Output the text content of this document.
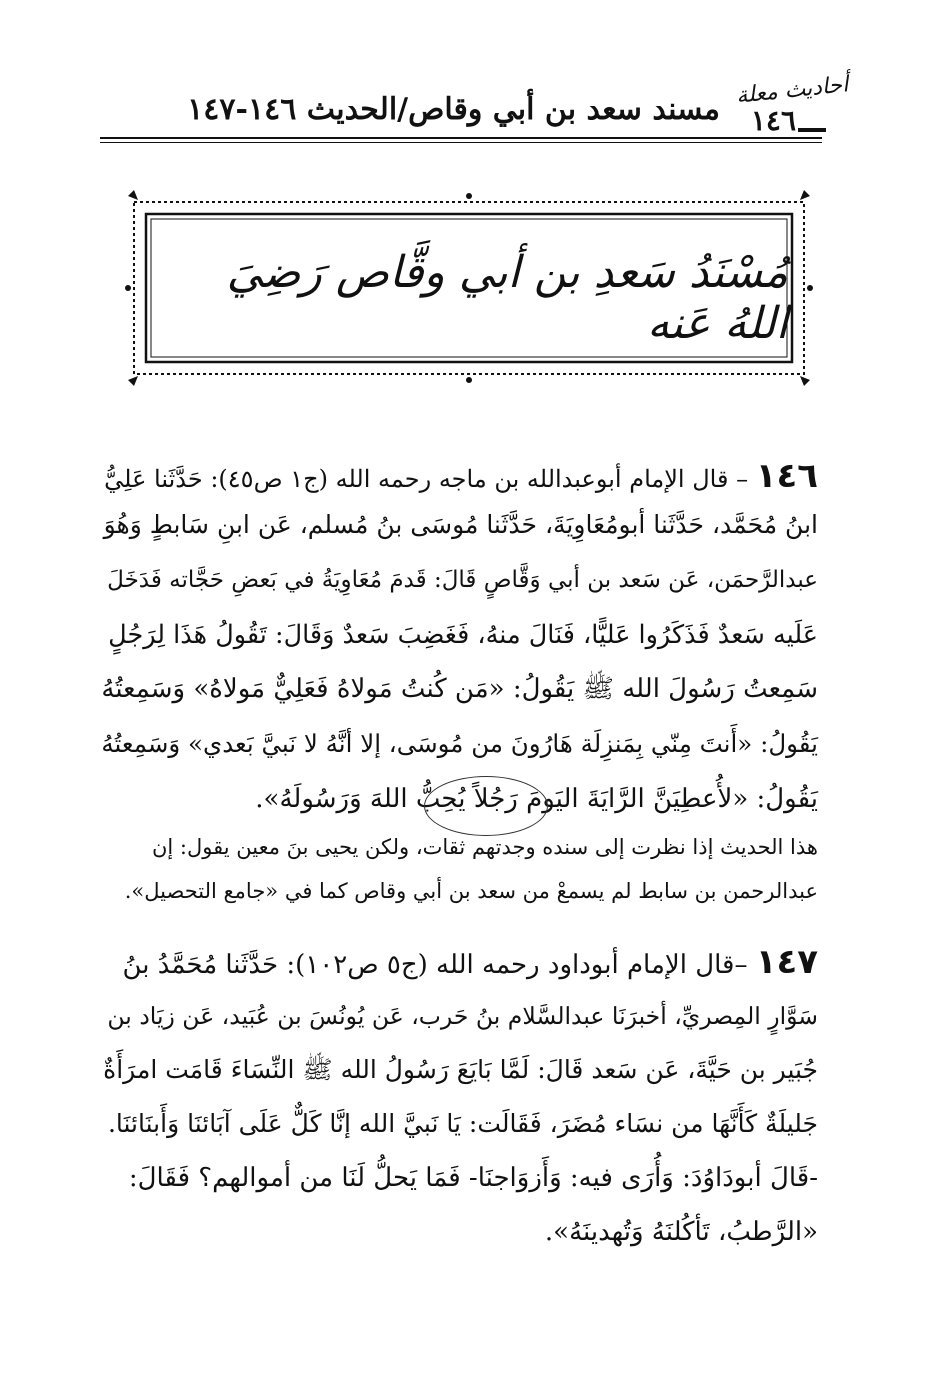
أحاديث معلة
مسند سعد بن أبي وقاص/الحديث ١٤٦-١٤٧ ١٤٦
مُسْنَدُ سَعدِ بن أبي وقَّاص رَضِيَ اللهُ عَنه
١٤٦ – قال الإمام أبوعبدالله بن ماجه رحمه الله (ج١ ص٤٥): حَدَّثَنا عَلِيُّ
ابنُ مُحَمَّد، حَدَّثَنا أبومُعَاوِيَةَ، حَدَّثَنا مُوسَى بنُ مُسلم، عَن ابنِ سَابطٍ وَهُوَ
عبدالرَّحمَن، عَن سَعد بن أبي وَقَّاصٍ قَالَ: قَدمَ مُعَاوِيَةُ في بَعضِ حَجَّاته فَدَخَلَ
عَلَيه سَعدٌ فَذَكَرُوا عَليًّا، فَنَالَ منهُ، فَغَضِبَ سَعدٌ وَقَالَ: تَقُولُ هَذَا لِرَجُلٍ
سَمِعتُ رَسُولَ الله ﷺ يَقُولُ: «مَن كُنتُ مَولاهُ فَعَلِيٌّ مَولاهُ» وَسَمِعتُهُ
يَقُولُ: «أَنتَ مِنّي بِمَنزِلَة هَارُونَ من مُوسَى، إلا أنَّهُ لا نَبيَّ بَعدي» وَسَمِعتُهُ
يَقُولُ: «لأُعطِيَنَّ الرَّايَةَ اليَومَ رَجُلاً يُحِبُّ اللهَ وَرَسُولَهُ».
هذا الحديث إذا نظرت إلى سنده وجدتهم ثقات، ولكن يحيى بنَ معين يقول: إن
عبدالرحمن بن سابط لم يسمعْ من سعد بن أبي وقاص كما في «جامع التحصيل».
١٤٧ –قال الإمام أبوداود رحمه الله (ج٥ ص١٠٢): حَدَّثَنا مُحَمَّدُ بنُ
سَوَّارٍ المِصريِّ، أخبرَنَا عبدالسَّلام بنُ حَرب، عَن يُونُسَ بن عُبَيد، عَن زيَاد بن
جُبَير بن حَيَّةَ، عَن سَعد قَالَ: لَمَّا بَايَعَ رَسُولُ الله ﷺ النِّسَاءَ قَامَت امرَأَةٌ
جَليلَةٌ كَأَنَّهَا من نسَاء مُضَرَ، فَقَالَت: يَا نَبيَّ الله إنَّا كَلٌّ عَلَى آبَائنَا وَأَبنَائنَا.
-قَالَ أبودَاوُدَ: وَأُرَى فيه: وَأَزوَاجنَا- فَمَا يَحلُّ لَنَا من أموالهم؟ فَقَالَ:
«الرَّطبُ، تَأكُلنَهُ وَتُهدينَهُ».
